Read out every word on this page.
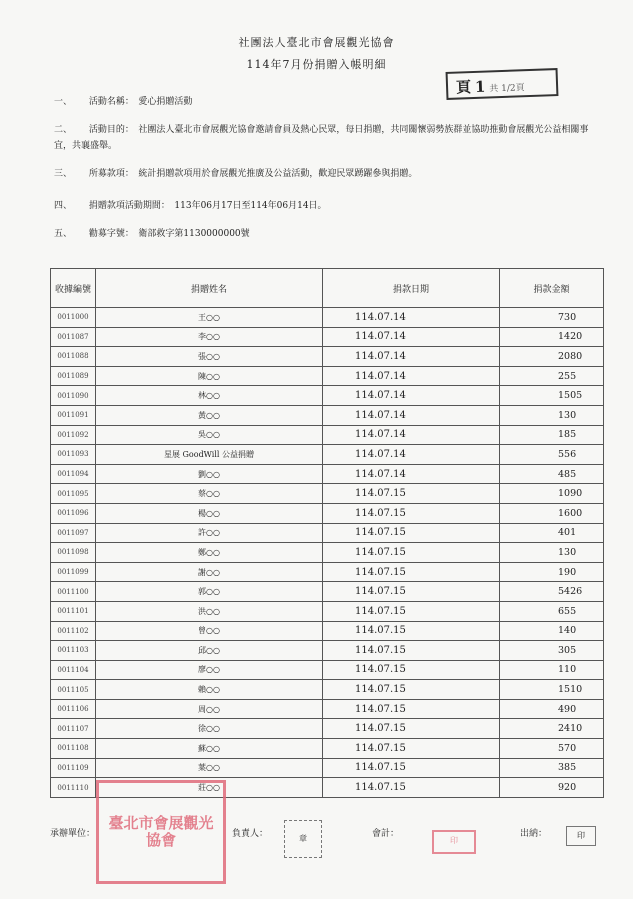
社團法人臺北市會展觀光協會
114年7月份捐贈入帳明細
頁 1 共 1/2頁
一、 活動名稱：　愛心捐贈活動
二、 活動目的：　社團法人臺北市會展觀光協會邀請會員及熱心民眾，每日捐贈，共同關懷弱勢族群並協助推動會展觀光公益相關事宜，共襄盛舉。
三、 所募款項：　統計捐贈款項用於會展觀光推廣及公益活動，歡迎民眾踴躍參與捐贈。
四、 捐贈款項活動期間：　113年06月17日至114年06月14日。
五、 勸募字號：　衛部救字第1130000000號
收據編號	捐贈姓名	捐款日期	捐款金額
0011000	王○○	114.07.14	730
0011087	李○○	114.07.14	1420
0011088	張○○	114.07.14	2080
0011089	陳○○	114.07.14	255
0011090	林○○	114.07.14	1505
0011091	黃○○	114.07.14	130
0011092	吳○○	114.07.14	185
0011093	星展 GoodWill 公益捐贈	114.07.14	556
0011094	劉○○	114.07.14	485
0011095	蔡○○	114.07.15	1090
0011096	楊○○	114.07.15	1600
0011097	許○○	114.07.15	401
0011098	鄭○○	114.07.15	130
0011099	謝○○	114.07.15	190
0011100	郭○○	114.07.15	5426
0011101	洪○○	114.07.15	655
0011102	曾○○	114.07.15	140
0011103	邱○○	114.07.15	305
0011104	廖○○	114.07.15	110
0011105	賴○○	114.07.15	1510
0011106	周○○	114.07.15	490
0011107	徐○○	114.07.15	2410
0011108	蘇○○	114.07.15	570
0011109	葉○○	114.07.15	385
0011110	莊○○	114.07.15	920
臺北市會展觀光協會
承辦單位：	負責人：	章	會計：
印
出納：	印
